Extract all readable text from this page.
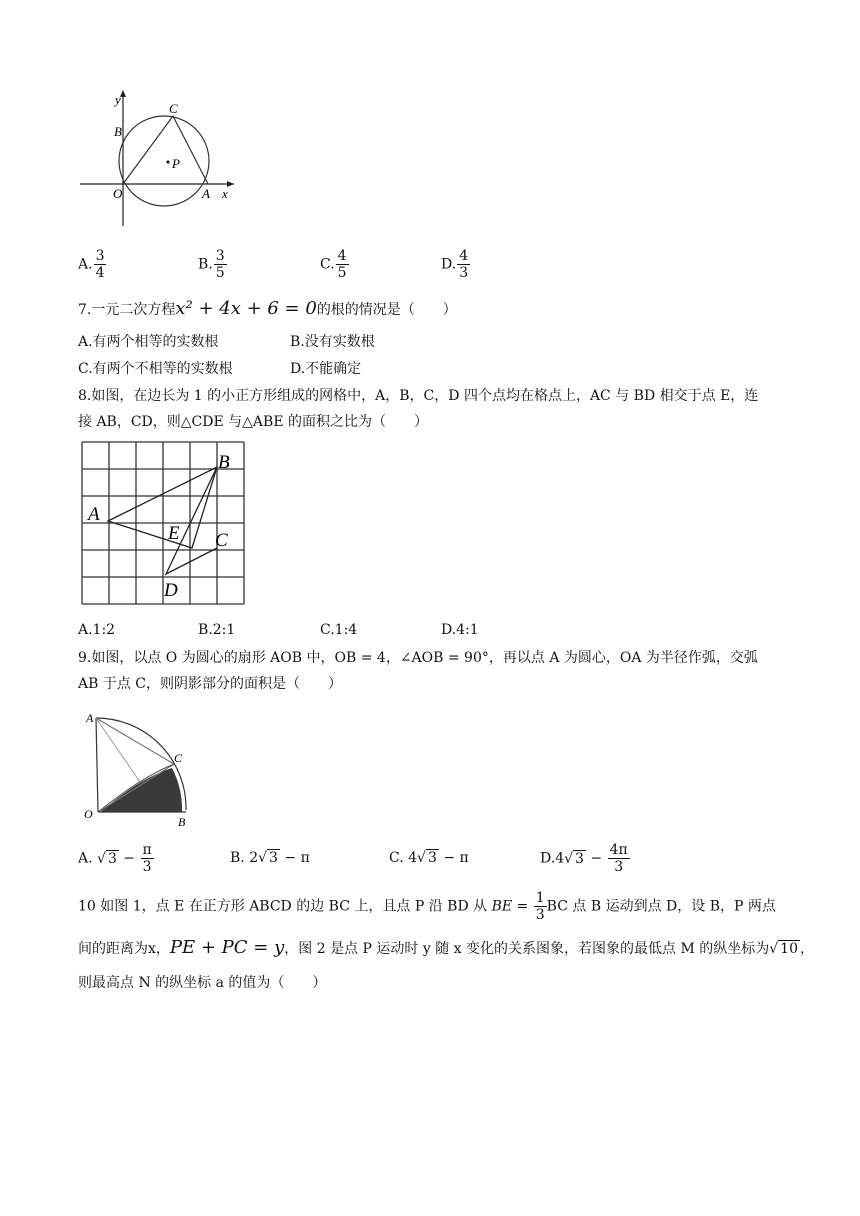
y
B
C
P
O	A x
A. $\frac{3}{4}$	B. $\frac{3}{5}$	C. $\frac{4}{5}$	D. $\frac{4}{3}$
7.一元二次方程x² + 4x + 6 = 0的根的情况是（　　）
A.有两个相等的实数根	B.没有实数根
C.有两个不相等的实数根	D.不能确定
8.如图，在边长为 1 的小正方形组成的网格中，A，B，C，D 四个点均在格点上，AC 与 BD 相交于点 E，连
接 AB，CD，则△CDE 与△ABE 的面积之比为（　　）
B
A
E C
D
A.1:2	B.2:1	C.1:4	D.4:1
9.如图，以点 O 为圆心的扇形 AOB 中，OB = 4，∠AOB = 90°，再以点 A 为圆心，OA 为半径作弧，交弧
AB 于点 C，则阴影部分的面积是（　　）
A
C
O
B
A. √ $3 - \frac{\pi}{3}$	B. 2√ 3 − π	C. 4√ 3 − π	D.4√ $3 - \frac{4\pi}{3}$
10 如图 1，点 E 在正方形 ABCD 的边 BC 上，且点 P 沿 BD 从 BE = $\frac{1}{3}$ BC 点 B 运动到点 D，设 B，P 两点
间的距离为x，PE + PC = y，图 2 是点 P 运动时 y 随 x 变化的关系图象，若图象的最低点 M 的纵坐标为√ 10 ，
则最高点 N 的纵坐标 a 的值为（　　）
